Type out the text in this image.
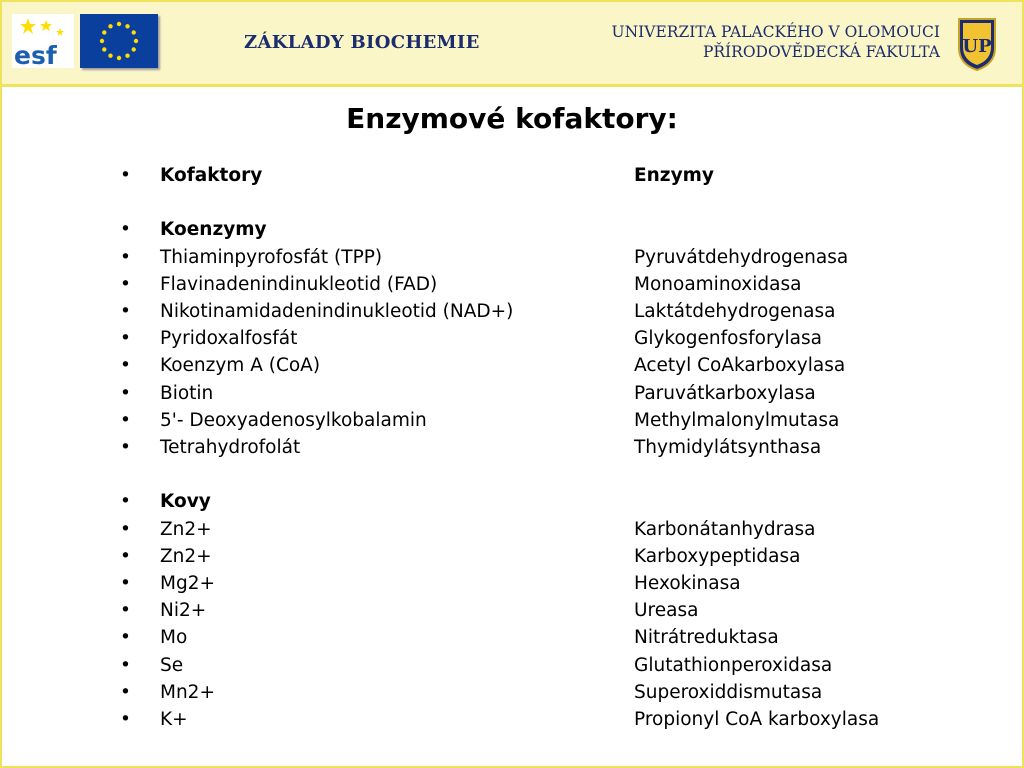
esf	ZÁKLADY BIOCHEMIE	UNIVERZITA PALACKÉHO V OLOMOUCI
PŘÍRODOVĚDECKÁ FAKULTA UP
Enzymové kofaktory:
• Kofaktory	Enzymy
• Koenzymy
• Thiaminpyrofosfát (TPP)	Pyruvátdehydrogenasa
• Flavinadenindinukleotid (FAD)	Monoaminoxidasa
• Nikotinamidadenindinukleotid (NAD+)	Laktátdehydrogenasa
• Pyridoxalfosfát	Glykogenfosforylasa
• Koenzym A (CoA)	Acetyl CoAkarboxylasa
• Biotin	Paruvátkarboxylasa
• 5'- Deoxyadenosylkobalamin	Methylmalonylmutasa
• Tetrahydrofolát	Thymidylátsynthasa
• Kovy
• Zn2+	Karbonátanhydrasa
• Zn2+	Karboxypeptidasa
• Mg2+	Hexokinasa
• Ni2+	Ureasa
• Mo	Nitrátreduktasa
• Se	Glutathionperoxidasa
• Mn2+	Superoxiddismutasa
• K+	Propionyl CoA karboxylasa
